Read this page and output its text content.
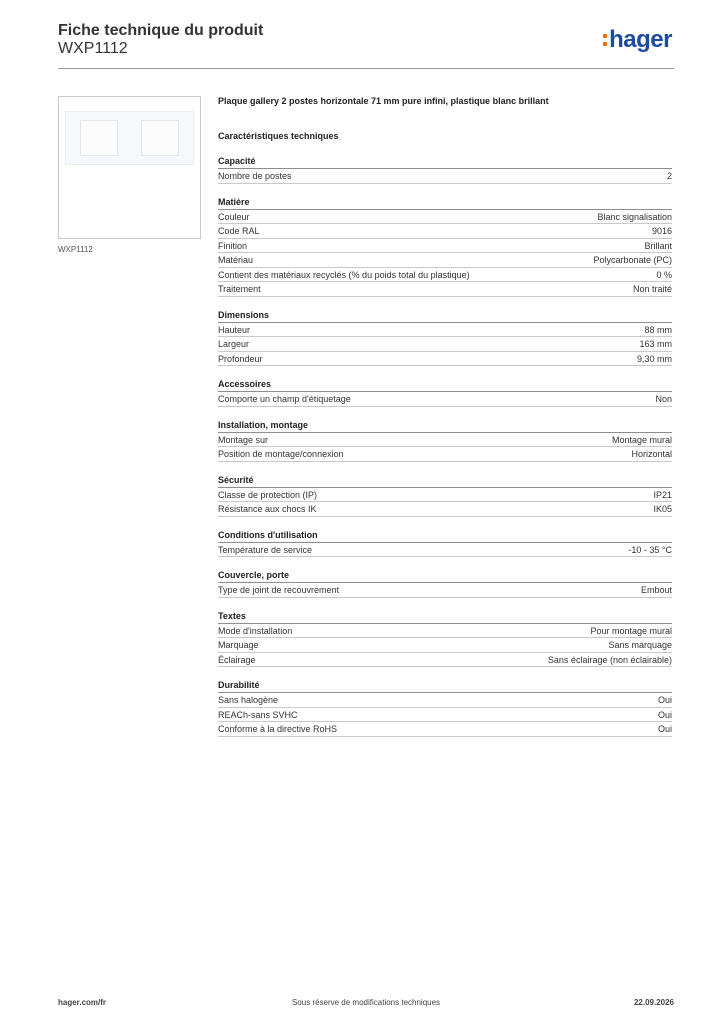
Fiche technique du produit
WXP1112	hager
WXP1112
Plaque gallery 2 postes horizontale 71 mm pure infini, plastique blanc brillant
Caractéristiques techniques
Capacité
Nombre de postes	2
Matière
Couleur	Blanc signalisation
Code RAL	9016
Finition	Brillant
Matériau	Polycarbonate (PC)
Contient des matériaux recyclés (% du poids total du plastique)	0 %
Traitement	Non traité
Dimensions
Hauteur	88 mm
Largeur	163 mm
Profondeur	9,30 mm
Accessoires
Comporte un champ d'étiquetage	Non
Installation, montage
Montage sur	Montage mural
Position de montage/connexion	Horizontal
Sécurité
Classe de protection (IP)	IP21
Résistance aux chocs IK	IK05
Conditions d'utilisation
Température de service	-10 - 35 °C
Couvercle, porte
Type de joint de recouvrement	Embout
Textes
Mode d'installation	Pour montage mural
Marquage	Sans marquage
Éclairage	Sans éclairage (non éclairable)
Durabilité
Sans halogène	Oui
REACh-sans SVHC	Oui
Conforme à la directive RoHS	Oui
hager.com/fr	Sous réserve de modifications techniques	22.09.2026
